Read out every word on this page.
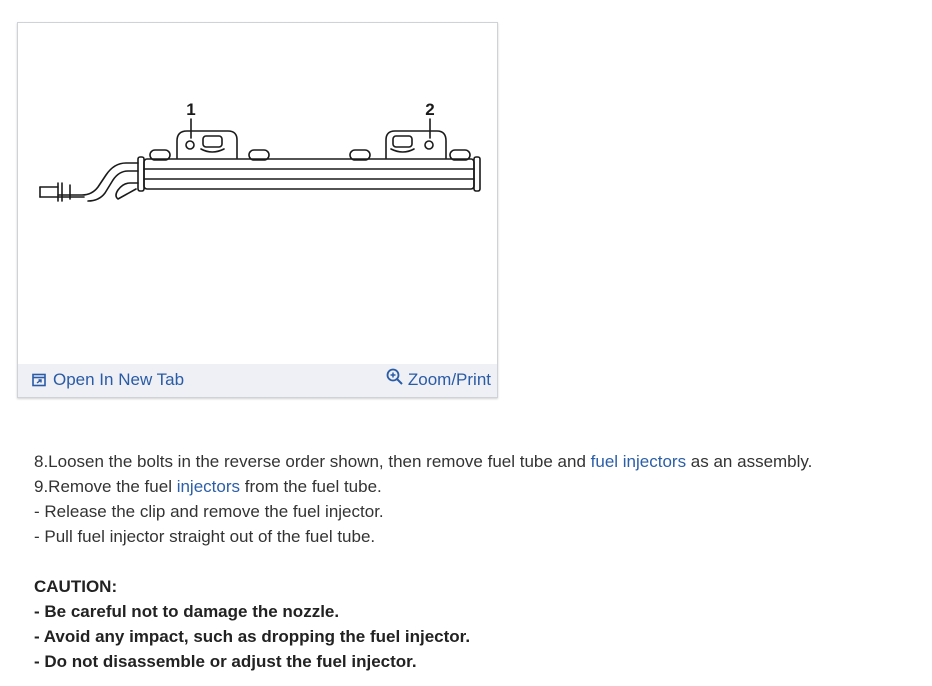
1	2
Open In New Tab	Zoom/Print
8.Loosen the bolts in the reverse order shown, then remove fuel tube and fuel injectors as an assembly.
9.Remove the fuel injectors from the fuel tube.
- Release the clip and remove the fuel injector.
- Pull fuel injector straight out of the fuel tube.
CAUTION:
- Be careful not to damage the nozzle.
- Avoid any impact, such as dropping the fuel injector.
- Do not disassemble or adjust the fuel injector.
